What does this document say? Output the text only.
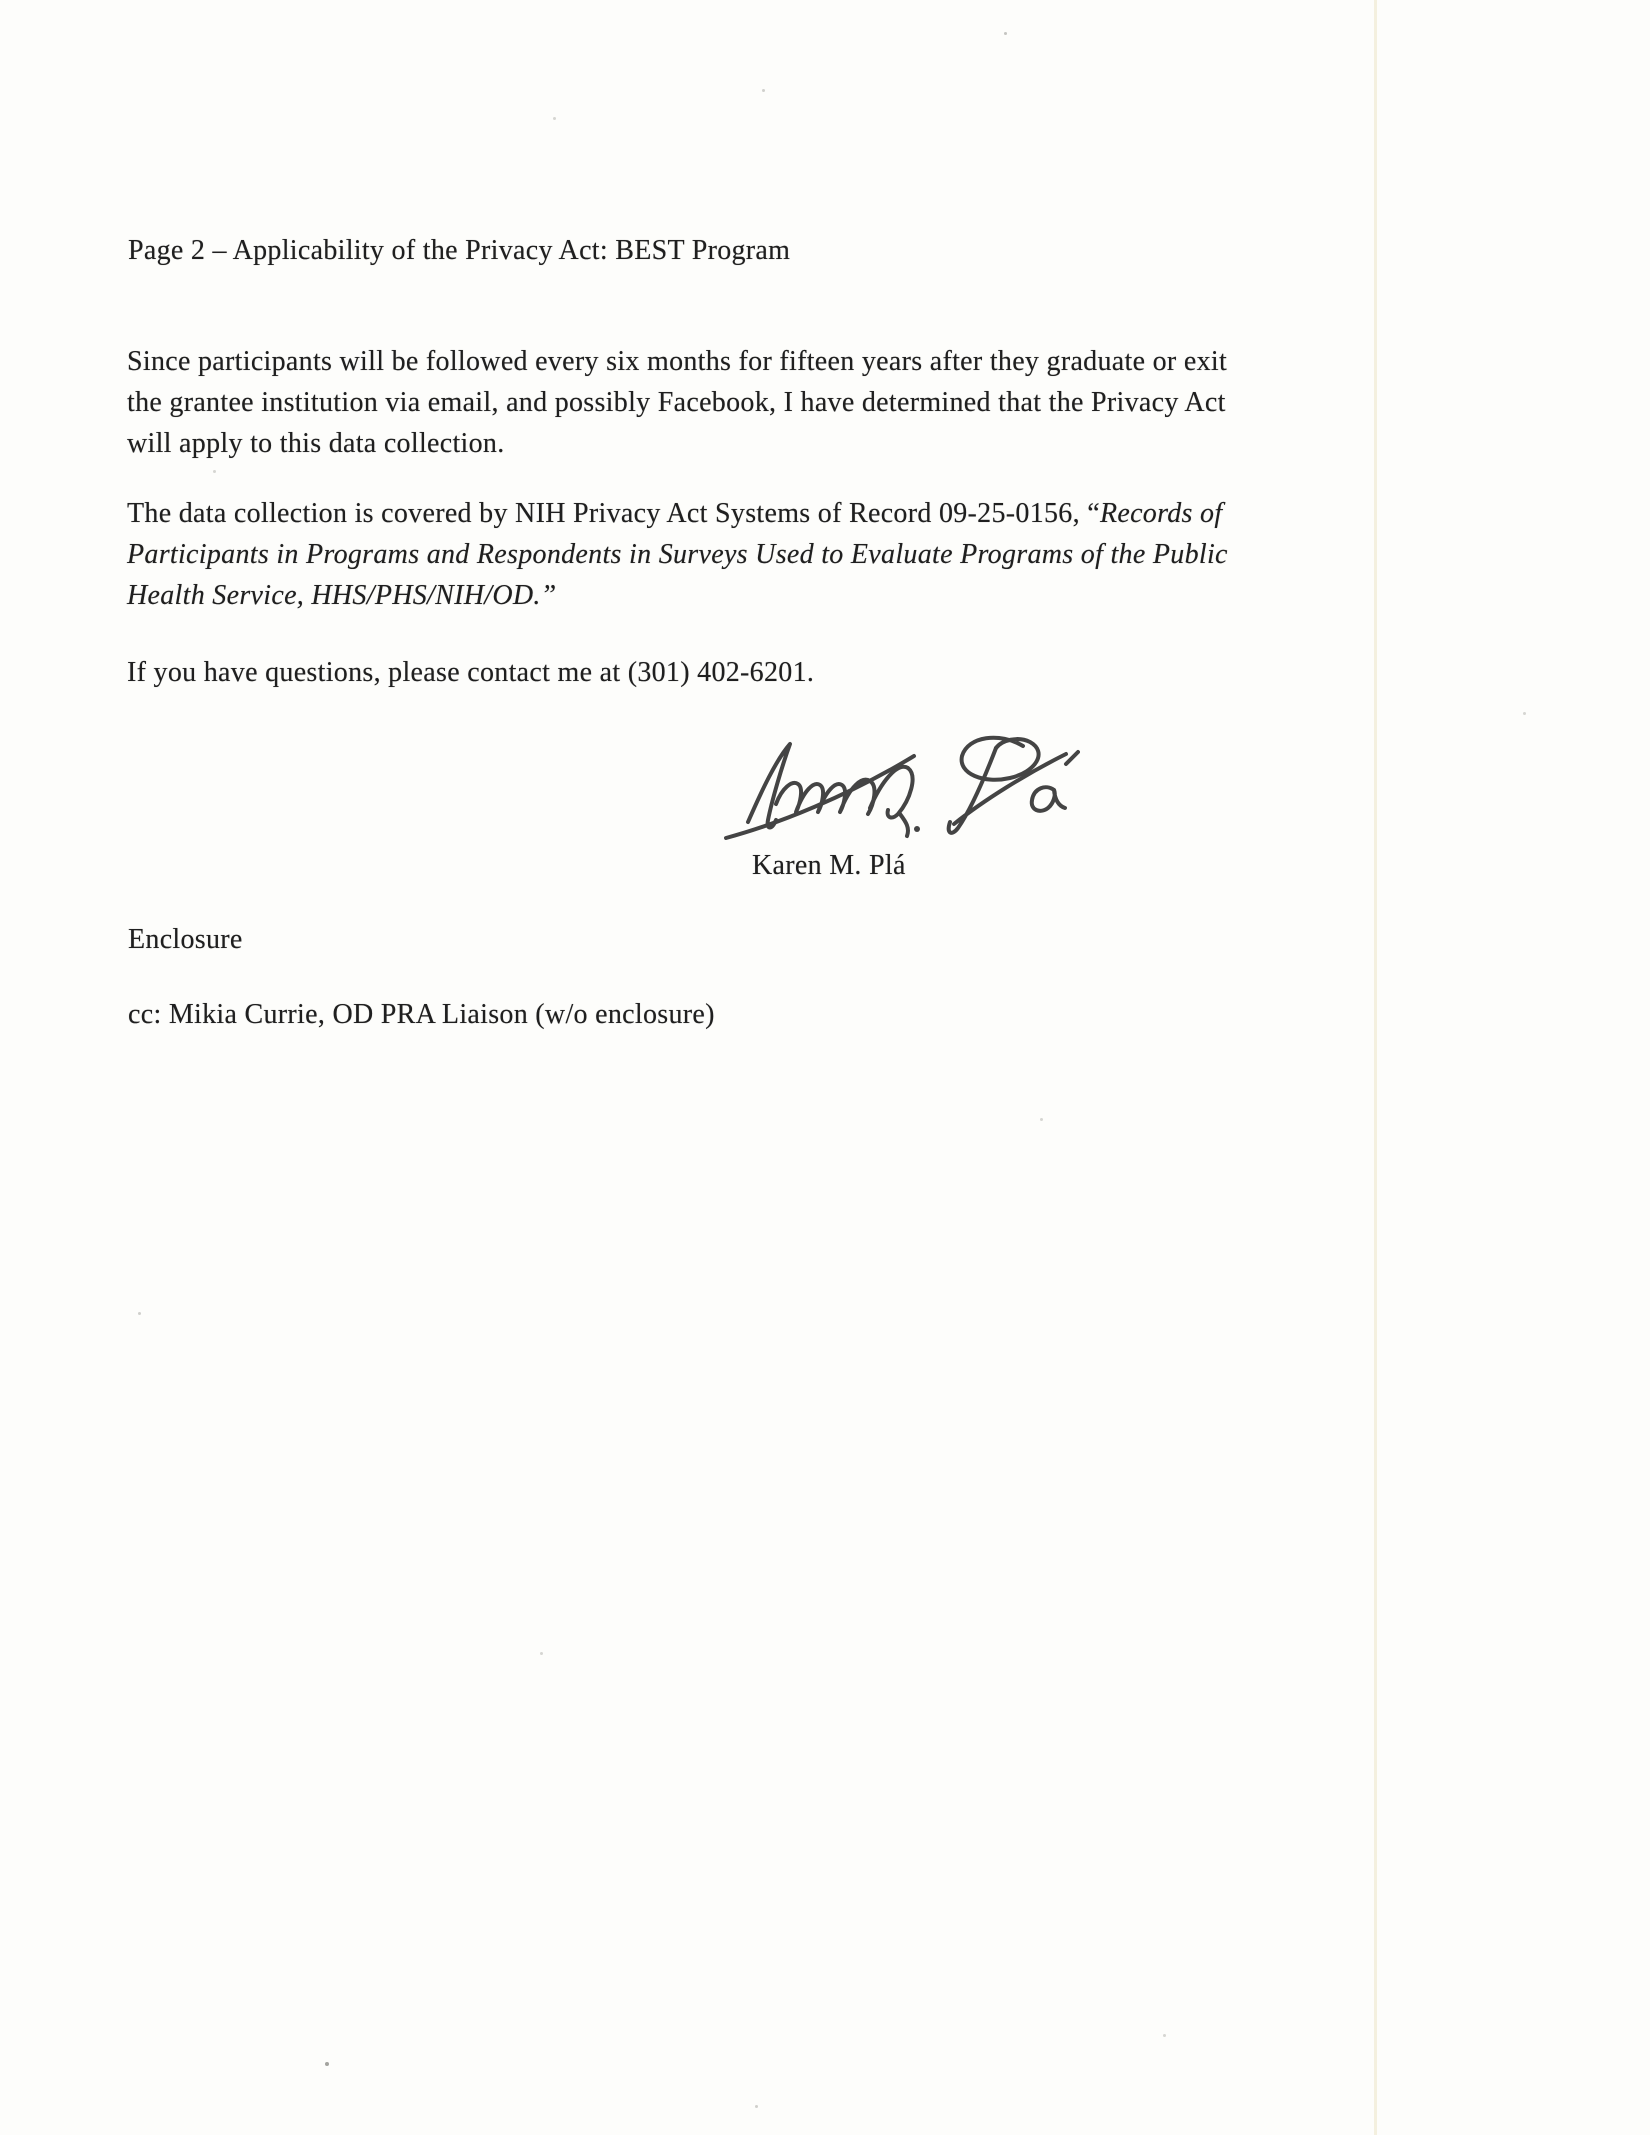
Page 2 – Applicability of the Privacy Act: BEST Program
Since participants will be followed every six months for fifteen years after they graduate or exit
the grantee institution via email, and possibly Facebook, I have determined that the Privacy Act
will apply to this data collection.
The data collection is covered by NIH Privacy Act Systems of Record 09-25-0156, “Records of
Participants in Programs and Respondents in Surveys Used to Evaluate Programs of the Public
Health Service, HHS/PHS/NIH/OD.”
If you have questions, please contact me at (301) 402-6201.
Karen M. Plá
Enclosure
cc: Mikia Currie, OD PRA Liaison (w/o enclosure)
